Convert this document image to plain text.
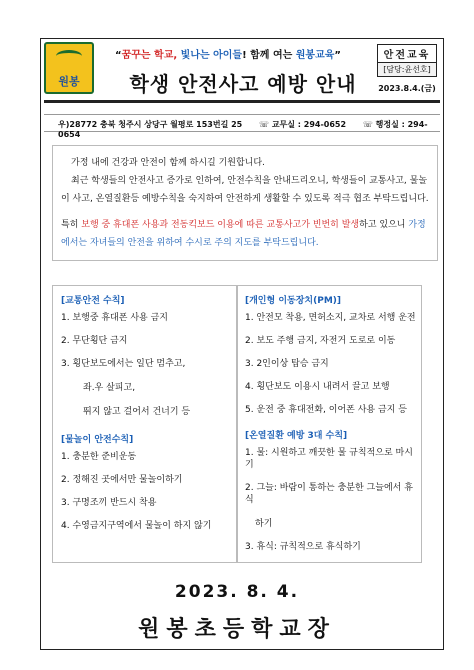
원봉
“꿈꾸는 학교, 빛나는 아이들! 함께 여는 원봉교육”
학생 안전사고 예방 안내
안전교육
[담당:윤선호]
2023.8.4.(금)
우)28772 충북 청주시 상당구 월평로 153번길 25 ☏ 교무실 : 294-0652 ☏ 행정실 : 294-0654

가정 내에 건강과 안전이 함께 하시길 기원합니다.

최근 학생들의 안전사고 증가로 인하여, 안전수칙을 안내드리오니, 학생들이 교통사고, 물놀이 사고, 온열질환등 예방수칙을 숙지하여 안전하게 생활할 수 있도록 적극 협조 부탁드립니다.

특히 보행 중 휴대폰 사용과 전동킥보드 이용에 따른 교통사고가 빈번히 발생하고 있으니 가정에서는 자녀들의 안전을 위하여 수시로 주의 지도를 부탁드립니다.

[교통안전 수칙]
1. 보행중 휴대폰 사용 금지
2. 무단횡단 금지
3. 횡단보도에서는 일단 멈추고,
좌.우 살피고,
뛰지 않고 걸어서 건너기 등
[물놀이 안전수칙]
1. 충분한 준비운동
2. 정해진 곳에서만 물놀이하기
3. 구명조끼 반드시 착용
4. 수영금지구역에서 물놀이 하지 않기
[개인형 이동장치(PM)]
1. 안전모 착용, 면허소지, 교차로 서행 운전
2. 보도 주행 금지, 자전거 도로로 이동
3. 2인이상 탑승 금지
4. 횡단보도 이용시 내려서 끌고 보행
5. 운전 중 휴대전화, 이어폰 사용 금지 등
[온열질환 예방 3대 수칙]
1. 물: 시원하고 깨끗한 물 규칙적으로 마시기
2. 그늘: 바람이 통하는 충분한 그늘에서 휴식
하기
3. 휴식: 규칙적으로 휴식하기
2023. 8. 4.
원봉초등학교장
